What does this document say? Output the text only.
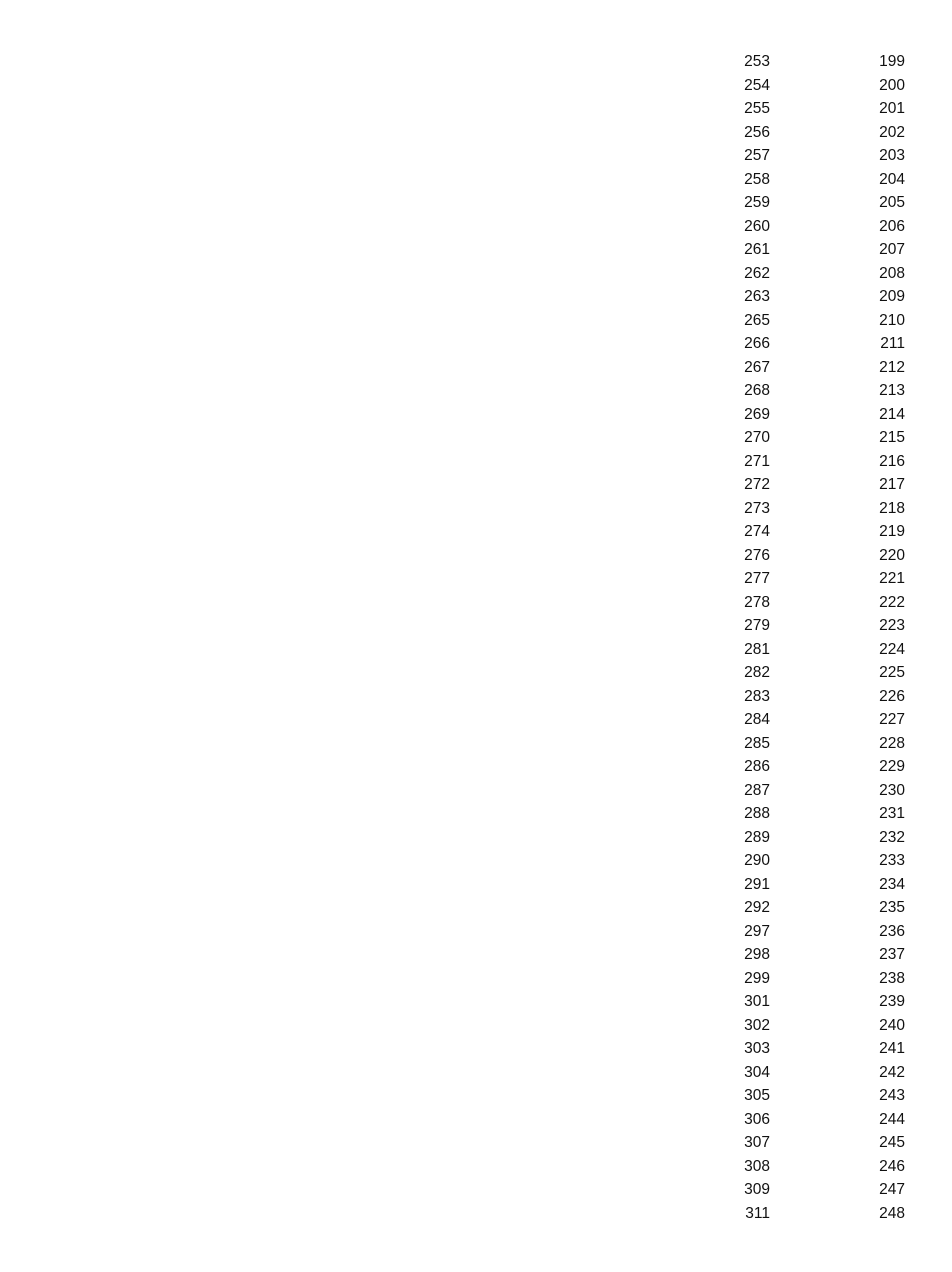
253	199
254	200
255	201
256	202
257	203
258	204
259	205
260	206
261	207
262	208
263	209
265	210
266	211
267	212
268	213
269	214
270	215
271	216
272	217
273	218
274	219
276	220
277	221
278	222
279	223
281	224
282	225
283	226
284	227
285	228
286	229
287	230
288	231
289	232
290	233
291	234
292	235
297	236
298	237
299	238
301	239
302	240
303	241
304	242
305	243
306	244
307	245
308	246
309	247
311	248
